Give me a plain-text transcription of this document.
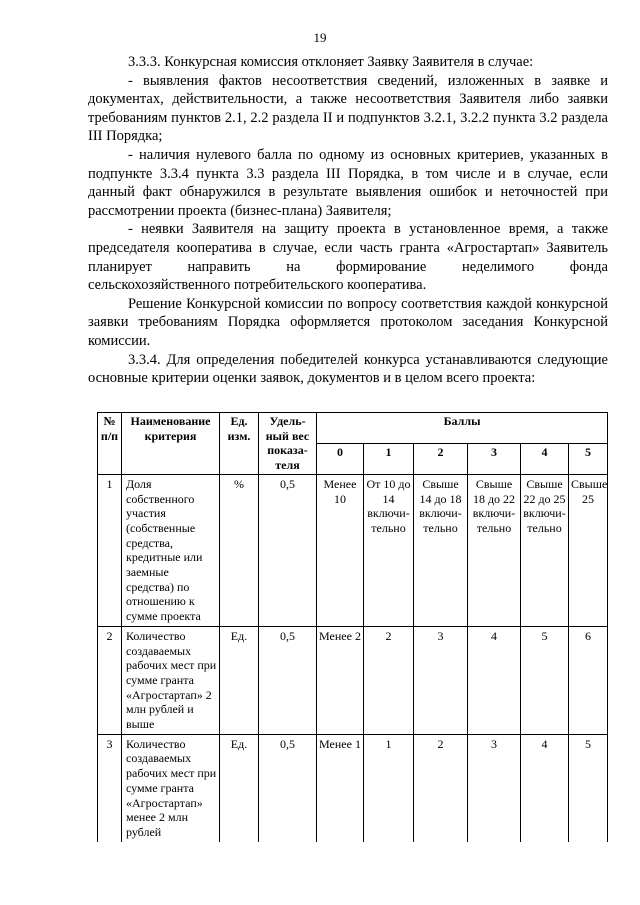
19

3.3.3. Конкурсная комиссия отклоняет Заявку Заявителя в случае:

- выявления фактов несоответствия сведений, изложенных в заявке и документах, действительности, а также несоответствия Заявителя либо заявки требованиям пунктов 2.1, 2.2 раздела II и подпунктов 3.2.1, 3.2.2 пункта 3.2 раздела III Порядка;

- наличия нулевого балла по одному из основных критериев, указанных в подпункте 3.3.4 пункта 3.3 раздела III Порядка, в том числе и в случае, если данный факт обнаружился в результате выявления ошибок и неточностей при рассмотрении проекта (бизнес-плана) Заявителя;

- неявки Заявителя на защиту проекта в установленное время, а также председателя кооператива в случае, если часть гранта «Агростартап» Заявитель планирует направить на формирование неделимого фонда

сельскохозяйственного потребительского кооператива.

Решение Конкурсной комиссии по вопросу соответствия каждой конкурсной заявки требованиям Порядка оформляется протоколом заседания Конкурсной комиссии.

3.3.4. Для определения победителей конкурса устанавливаются следующие основные критерии оценки заявок, документов и в целом всего проекта:

№ п/п	Наименование критерия	Ед. изм.	Удель-ный вес показа-теля	Баллы					
				0	1	2	3	4	5
1	Доля собственного участия (собственные средства, кредитные или заемные средства) по отношению к сумме проекта	%	0,5	Менее 10	От 10 до 14 включи-тельно	Свыше 14 до 18 включи-тельно	Свыше 18 до 22 включи-тельно	Свыше 22 до 25 включи-тельно	Свыше 25
2	Количество создаваемых рабочих мест при сумме гранта «Агростартап» 2 млн рублей и выше	Ед.	0,5	Менее 2	2	3	4	5	6
3	Количество создаваемых рабочих мест при сумме гранта «Агростартап» менее 2 млн рублей	Ед.	0,5	Менее 1	1	2	3	4	5
